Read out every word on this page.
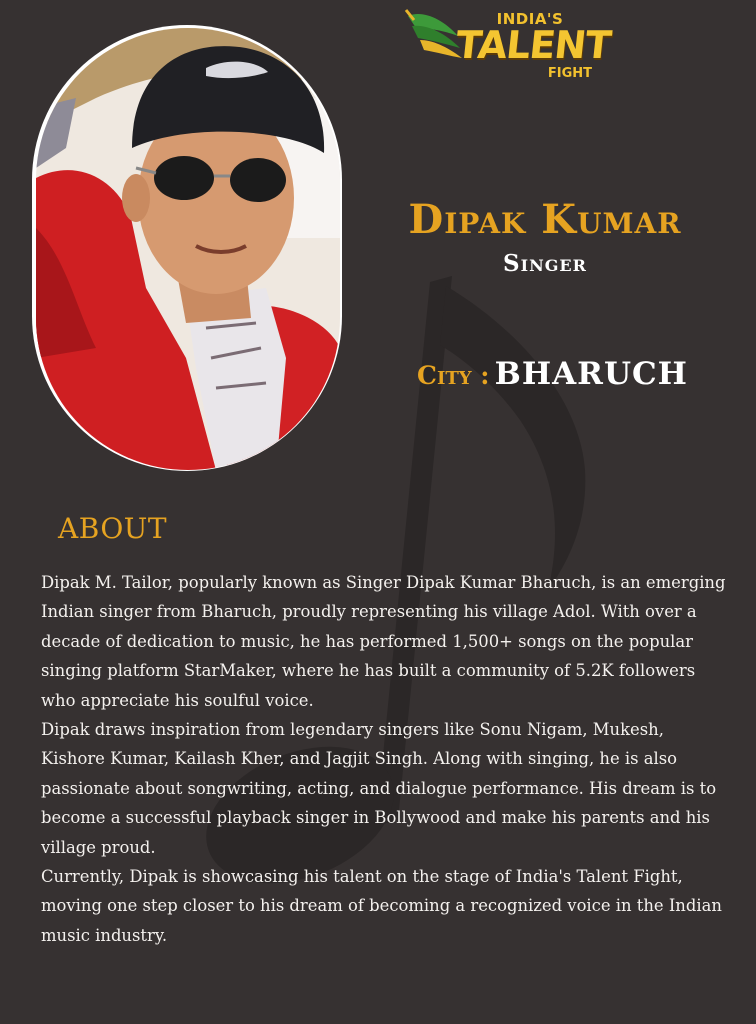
INDIA'S
TALENT
FIGHT
Dipak Kumar
Singer
City : BHARUCH
ABOUT

Dipak M. Tailor, popularly known as Singer Dipak Kumar Bharuch, is an emerging Indian singer from Bharuch, proudly representing his village Adol. With over a decade of dedication to music, he has performed 1,500+ songs on the popular singing platform StarMaker, where he has built a community of 5.2K followers who appreciate his soulful voice.

Dipak draws inspiration from legendary singers like Sonu Nigam, Mukesh, Kishore Kumar, Kailash Kher, and Jagjit Singh. Along with singing, he is also passionate about songwriting, acting, and dialogue performance. His dream is to become a successful playback singer in Bollywood and make his parents and his village proud.

Currently, Dipak is showcasing his talent on the stage of India's Talent Fight, moving one step closer to his dream of becoming a recognized voice in the Indian music industry.
